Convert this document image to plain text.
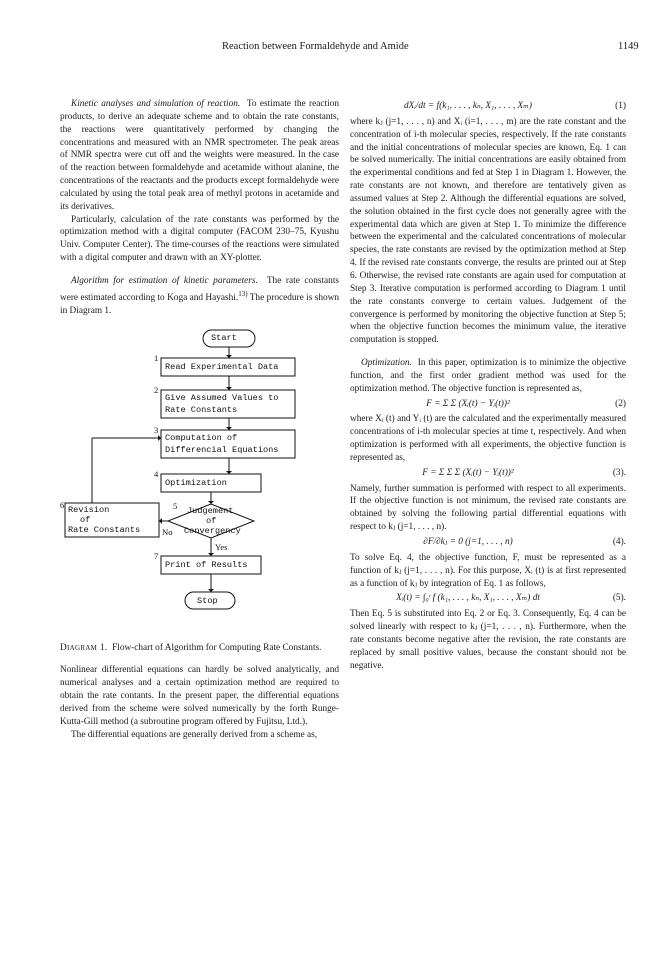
Reaction between Formaldehyde and Amide	1149

Kinetic analyses and simulation of reaction. To estimate the reaction products, to derive an adequate scheme and to obtain the rate constants, the reactions were quantitatively performed by changing the concentrations and measured with an NMR spectrometer. The peak areas of NMR spectra were cut off and the weights were measured. In the case of the reaction between formaldehyde and acetamide without alanine, the concentrations of the reactants and the products except formaldehyde were calculated by using the total peak area of methyl protons in acetamide and its derivatives.

Particularly, calculation of the rate constants was performed by the optimization method with a digital computer (FACOM 230–75, Kyushu Univ. Computer Center). The time-courses of the reactions were simulated with a digital computer and drawn with an XY-plotter.

Algorithm for estimation of kinetic parameters. The rate constants were estimated according to Koga and Hayashi.$^{13)}$ The procedure is shown in Diagram 1.

Start
1
Read Experimental Data
2
Give Assumed Values to
Rate Constants
3
Computation of
Differencial Equations
4
Optimization
5 Judgement
of
Convergency
6 Revision
of
Rate Constants	No
Yes
7
Print of Results
Stop

Diagram 1. Flow-chart of Algorithm for Computing Rate Constants.

Nonlinear differential equations can hardly be solved analytically, and numerical analyses and a certain optimization method are required to obtain the rate contants. In the present paper, the differential equations derived from the scheme were solved numerically by the forth Runge-Kutta-Gill method (a subroutine program offered by Fujitsu, Ltd.).

The differential equations are generally derived from a scheme as,

dXᵢ/dt = f(k₁, . . . , kₙ, X₁, . . . , Xₘ)	(1)

where kⱼ (j=1, . . . , n) and Xᵢ (i=1, . . . , m) are the rate constant and the concentration of i-th molecular species, respectively. If the rate constants and the initial concentrations of molecular species are known, Eq. 1 can be solved numerically. The initial concentrations are easily obtained from the experimental conditions and fed at Step 1 in Diagram 1. However, the rate constants are not known, and therefore are tentatively given as assumed values at Step 2. Although the differential equations are solved, the solution obtained in the first cycle does not generally agree with the experimental data which are given at Step 1. To minimize the difference between the experimental and the calculated concentrations of molecular species, the rate constants are revised by the optimization method at Step 4. If the revised rate constants converge, the results are printed out at Step 6. Otherwise, the revised rate constants are again used for computation at Step 3. Iterative computation is performed according to Diagram 1 until the rate constants converge to certain values. Judgement of the convergence is performed by monitoring the objective function at Step 5; when the objective function becomes the minimum value, the iterative computation is stopped.

Optimization. In this paper, optimization is to minimize the objective function, and the first order gradient method was used for the optimization method. The objective function is represented as,

F = Σ Σ (Xᵢ(t) − Yᵢ(t))²	(2)

where Xᵢ (t) and Yᵢ (t) are the calculated and the experimentally measured concentrations of i-th molecular species at time t, respectively. And when optimization is performed with all experiments, the objective function is represented as,

F = Σ Σ Σ (Xᵢ(t) − Yᵢ(t))²	(3).

Namely, further summation is performed with respect to all experiments. If the objective function is not minimum, the revised rate constants are obtained by solving the following partial differential equations with respect to kⱼ (j=1, . . . , n).

∂F/∂kⱼ = 0 (j=1, . . . , n)	(4).

To solve Eq. 4, the objective function, F, must be represented as a function of kⱼ (j=1, . . . , n). For this purpose, Xᵢ (t) is at first represented as a function of kⱼ by integration of Eq. 1 as follows,

Xᵢ(t) = ∫₀ᵗ f (k₁, . . . , kₙ, X₁, . . . , Xₘ) dt	(5).

Then Eq. 5 is substituted into Eq. 2 or Eq. 3. Consequently, Eq. 4 can be solved linearly with respect to kⱼ (j=1, . . . , n). Furthermore, when the rate constants become negative after the revision, the rate constants are replaced by small positive values, because the constant should not be negative.
